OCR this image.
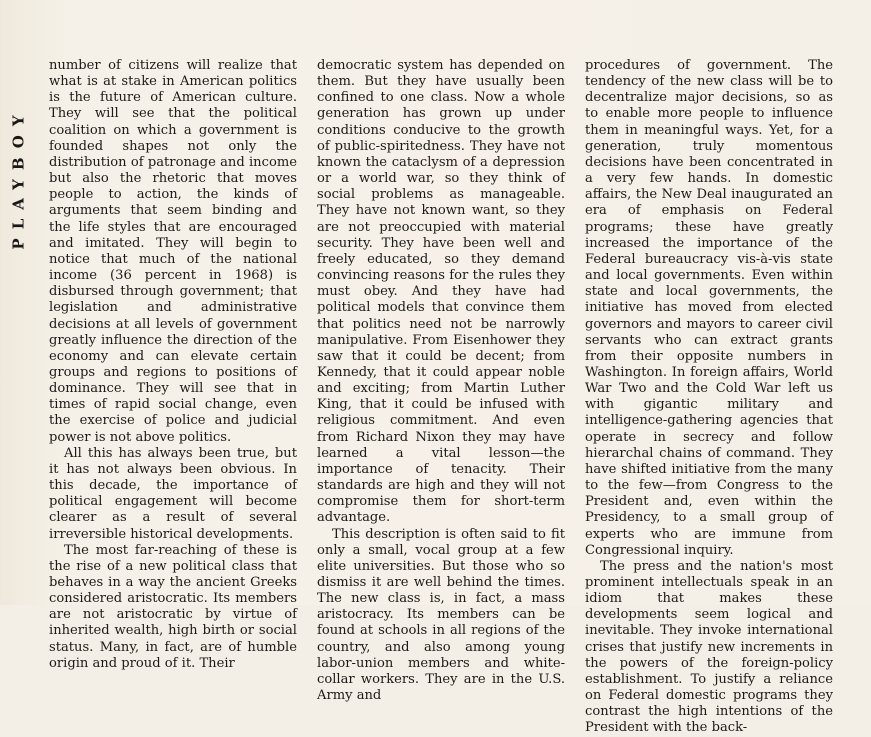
PLAYBOY

number of citizens will realize that what is at stake in American politics is the future of American culture. They will see that the political coalition on which a government is founded shapes not only the distribution of patronage and income but also the rhetoric that moves people to action, the kinds of arguments that seem binding and the life styles that are encouraged and imitated. They will begin to notice that much of the national income (36 percent in 1968) is disbursed through government; that legislation and administrative decisions at all levels of government greatly influence the direction of the economy and can elevate certain groups and regions to positions of dominance. They will see that in times of rapid social change, even the exercise of police and judicial power is not above politics.

All this has always been true, but it has not always been obvious. In this decade, the importance of political engagement will become clearer as a result of several irreversible historical developments.

The most far-reaching of these is the rise of a new political class that behaves in a way the ancient Greeks considered aristocratic. Its members are not aristocratic by virtue of inherited wealth, high birth or social status. Many, in fact, are of humble origin and proud of it. Their

democratic system has depended on them. But they have usually been confined to one class. Now a whole generation has grown up under conditions conducive to the growth of public-spiritedness. They have not known the cataclysm of a depression or a world war, so they think of social problems as manageable. They have not known want, so they are not preoccupied with material security. They have been well and freely educated, so they demand convincing reasons for the rules they must obey. And they have had political models that convince them that politics need not be narrowly manipulative. From Eisenhower they saw that it could be decent; from Kennedy, that it could appear noble and exciting; from Martin Luther King, that it could be infused with religious commitment. And even from Richard Nixon they may have learned a vital lesson—the importance of tenacity. Their standards are high and they will not compromise them for short-term advantage.

This description is often said to fit only a small, vocal group at a few elite universities. But those who so dismiss it are well behind the times. The new class is, in fact, a mass aristocracy. Its members can be found at schools in all regions of the country, and also among young labor-union members and white-collar workers. They are in the U.S. Army and

procedures of government. The tendency of the new class will be to decentralize major decisions, so as to enable more people to influence them in meaningful ways. Yet, for a generation, truly momentous decisions have been concentrated in a very few hands. In domestic affairs, the New Deal inaugurated an era of emphasis on Federal programs; these have greatly increased the importance of the Federal bureaucracy vis-à-vis state and local governments. Even within state and local governments, the initiative has moved from elected governors and mayors to career civil servants who can extract grants from their opposite numbers in Washington. In foreign affairs, World War Two and the Cold War left us with gigantic military and intelligence-gathering agencies that operate in secrecy and follow hierarchal chains of command. They have shifted initiative from the many to the few—from Congress to the President and, even within the Presidency, to a small group of experts who are immune from Congressional inquiry.

The press and the nation's most prominent intellectuals speak in an idiom that makes these developments seem logical and inevitable. They invoke international crises that justify new increments in the powers of the foreign-policy establishment. To justify a reliance on Federal domestic programs they contrast the high intentions of the President with the back-
